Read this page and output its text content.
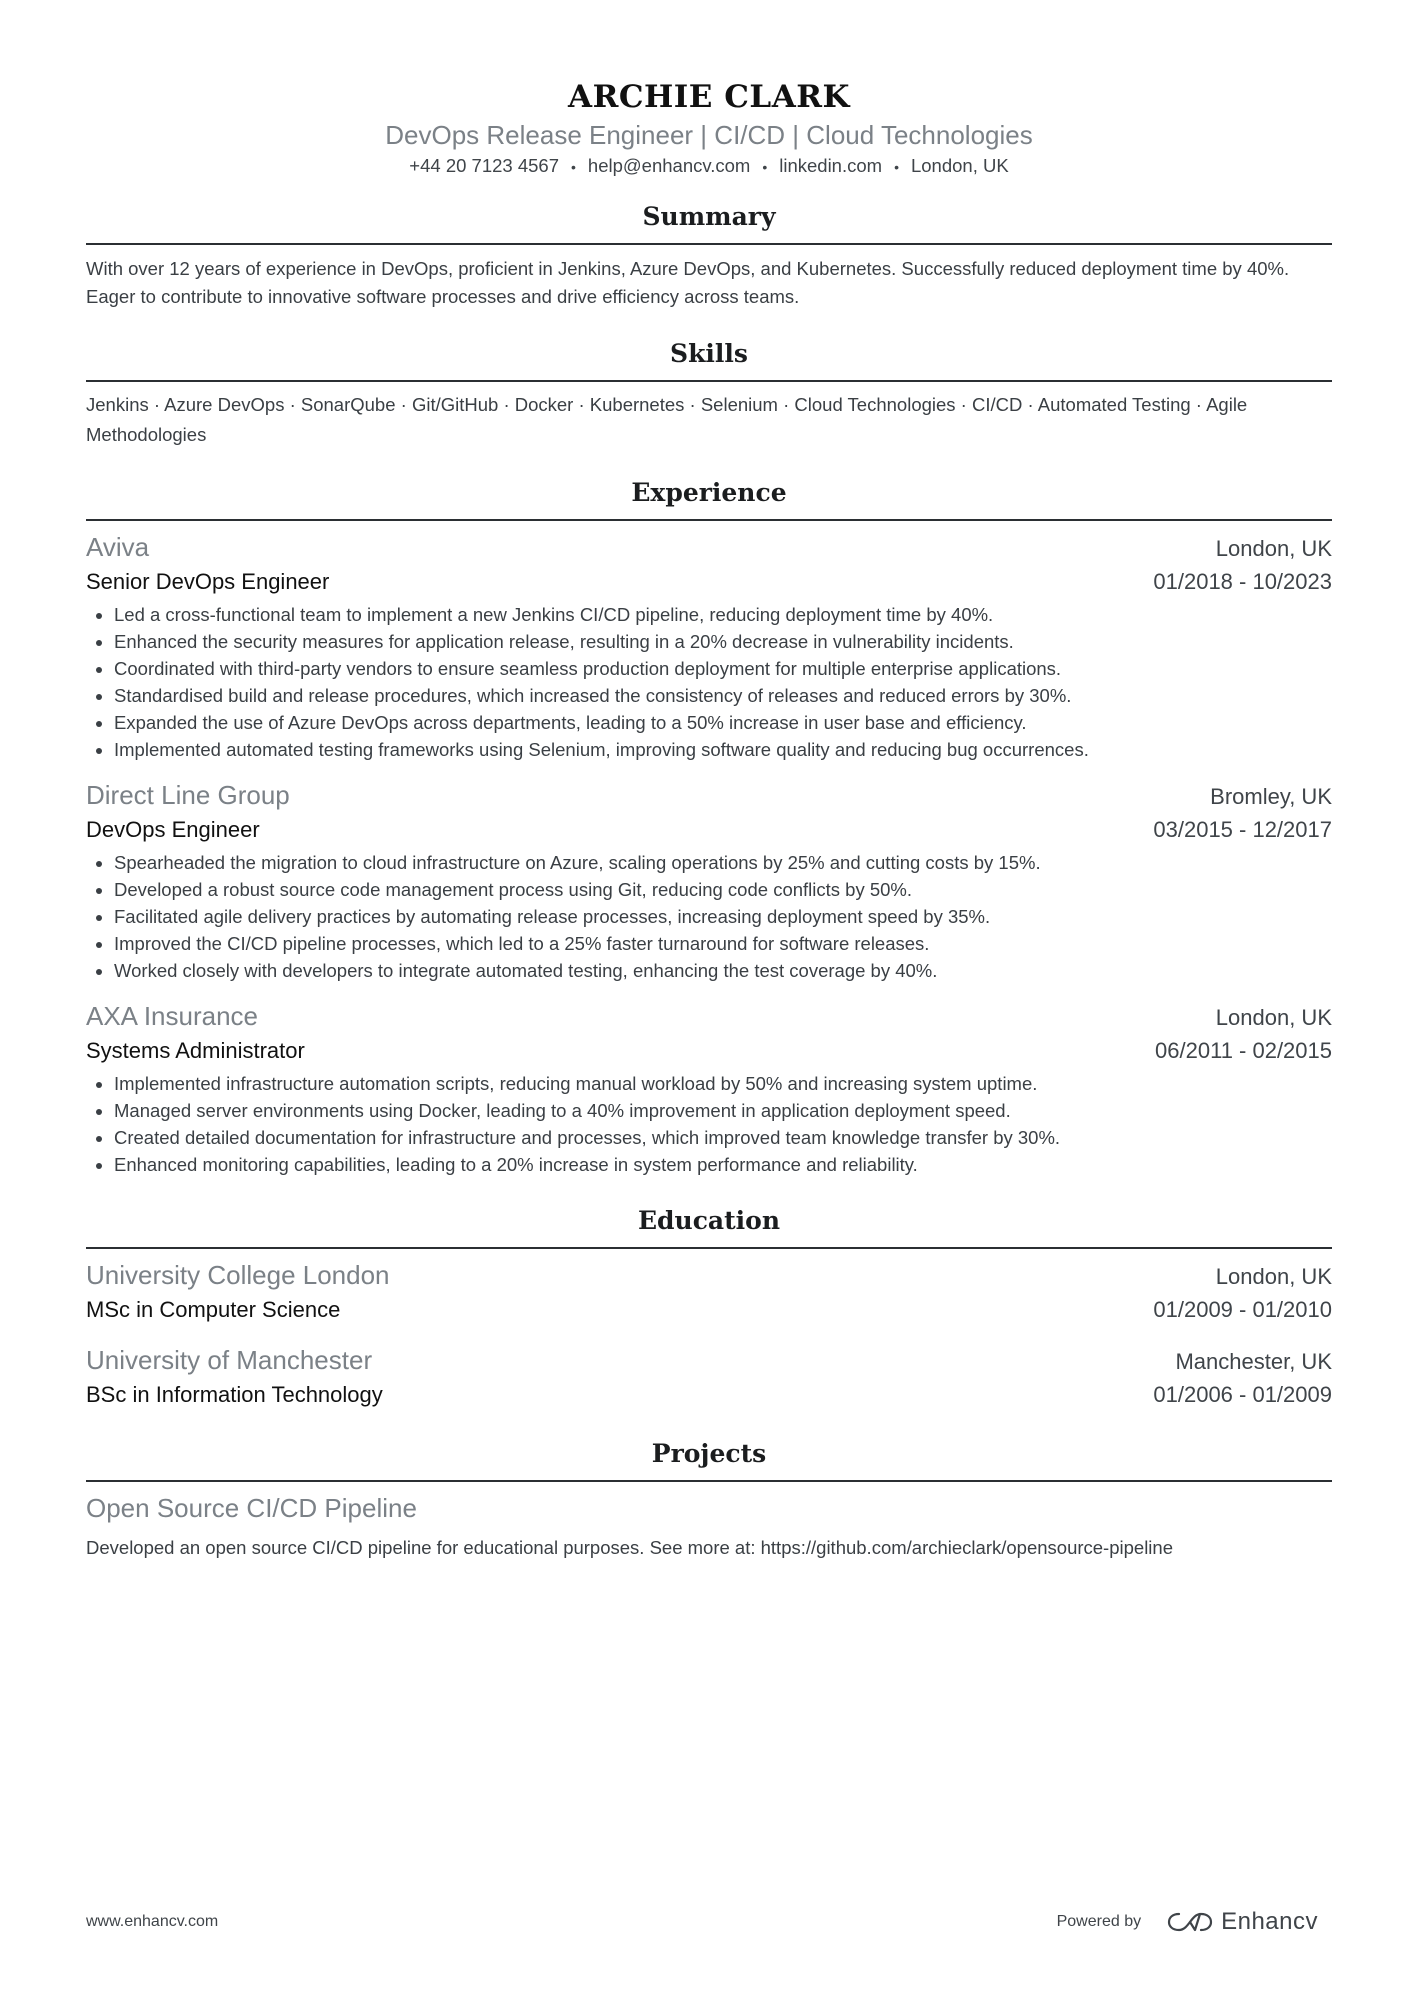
ARCHIE CLARK
DevOps Release Engineer | CI/CD | Cloud Technologies
+44 20 7123 4567 • help@enhancv.com • linkedin.com • London, UK
Summary
With over 12 years of experience in DevOps, proficient in Jenkins, Azure DevOps, and Kubernetes. Successfully reduced deployment time by 40%. Eager to contribute to innovative software processes and drive efficiency across teams.
Skills
Jenkins · Azure DevOps · SonarQube · Git/GitHub · Docker · Kubernetes · Selenium · Cloud Technologies · CI/CD · Automated Testing · Agile Methodologies
Experience
Aviva	London, UK
Senior DevOps Engineer	01/2018 - 10/2023
• Led a cross-functional team to implement a new Jenkins CI/CD pipeline, reducing deployment time by 40%.
• Enhanced the security measures for application release, resulting in a 20% decrease in vulnerability incidents.
• Coordinated with third-party vendors to ensure seamless production deployment for multiple enterprise applications.
• Standardised build and release procedures, which increased the consistency of releases and reduced errors by 30%.
• Expanded the use of Azure DevOps across departments, leading to a 50% increase in user base and efficiency.
• Implemented automated testing frameworks using Selenium, improving software quality and reducing bug occurrences.
Direct Line Group	Bromley, UK
DevOps Engineer	03/2015 - 12/2017
• Spearheaded the migration to cloud infrastructure on Azure, scaling operations by 25% and cutting costs by 15%.
• Developed a robust source code management process using Git, reducing code conflicts by 50%.
• Facilitated agile delivery practices by automating release processes, increasing deployment speed by 35%.
• Improved the CI/CD pipeline processes, which led to a 25% faster turnaround for software releases.
• Worked closely with developers to integrate automated testing, enhancing the test coverage by 40%.
AXA Insurance	London, UK
Systems Administrator	06/2011 - 02/2015
• Implemented infrastructure automation scripts, reducing manual workload by 50% and increasing system uptime.
• Managed server environments using Docker, leading to a 40% improvement in application deployment speed.
• Created detailed documentation for infrastructure and processes, which improved team knowledge transfer by 30%.
• Enhanced monitoring capabilities, leading to a 20% increase in system performance and reliability.
Education
University College London	London, UK
MSc in Computer Science	01/2009 - 01/2010
University of Manchester	Manchester, UK
BSc in Information Technology	01/2006 - 01/2009
Projects
Open Source CI/CD Pipeline
Developed an open source CI/CD pipeline for educational purposes. See more at: https://github.com/archieclark/opensource-pipeline
www.enhancv.com	Powered by	Enhancv
